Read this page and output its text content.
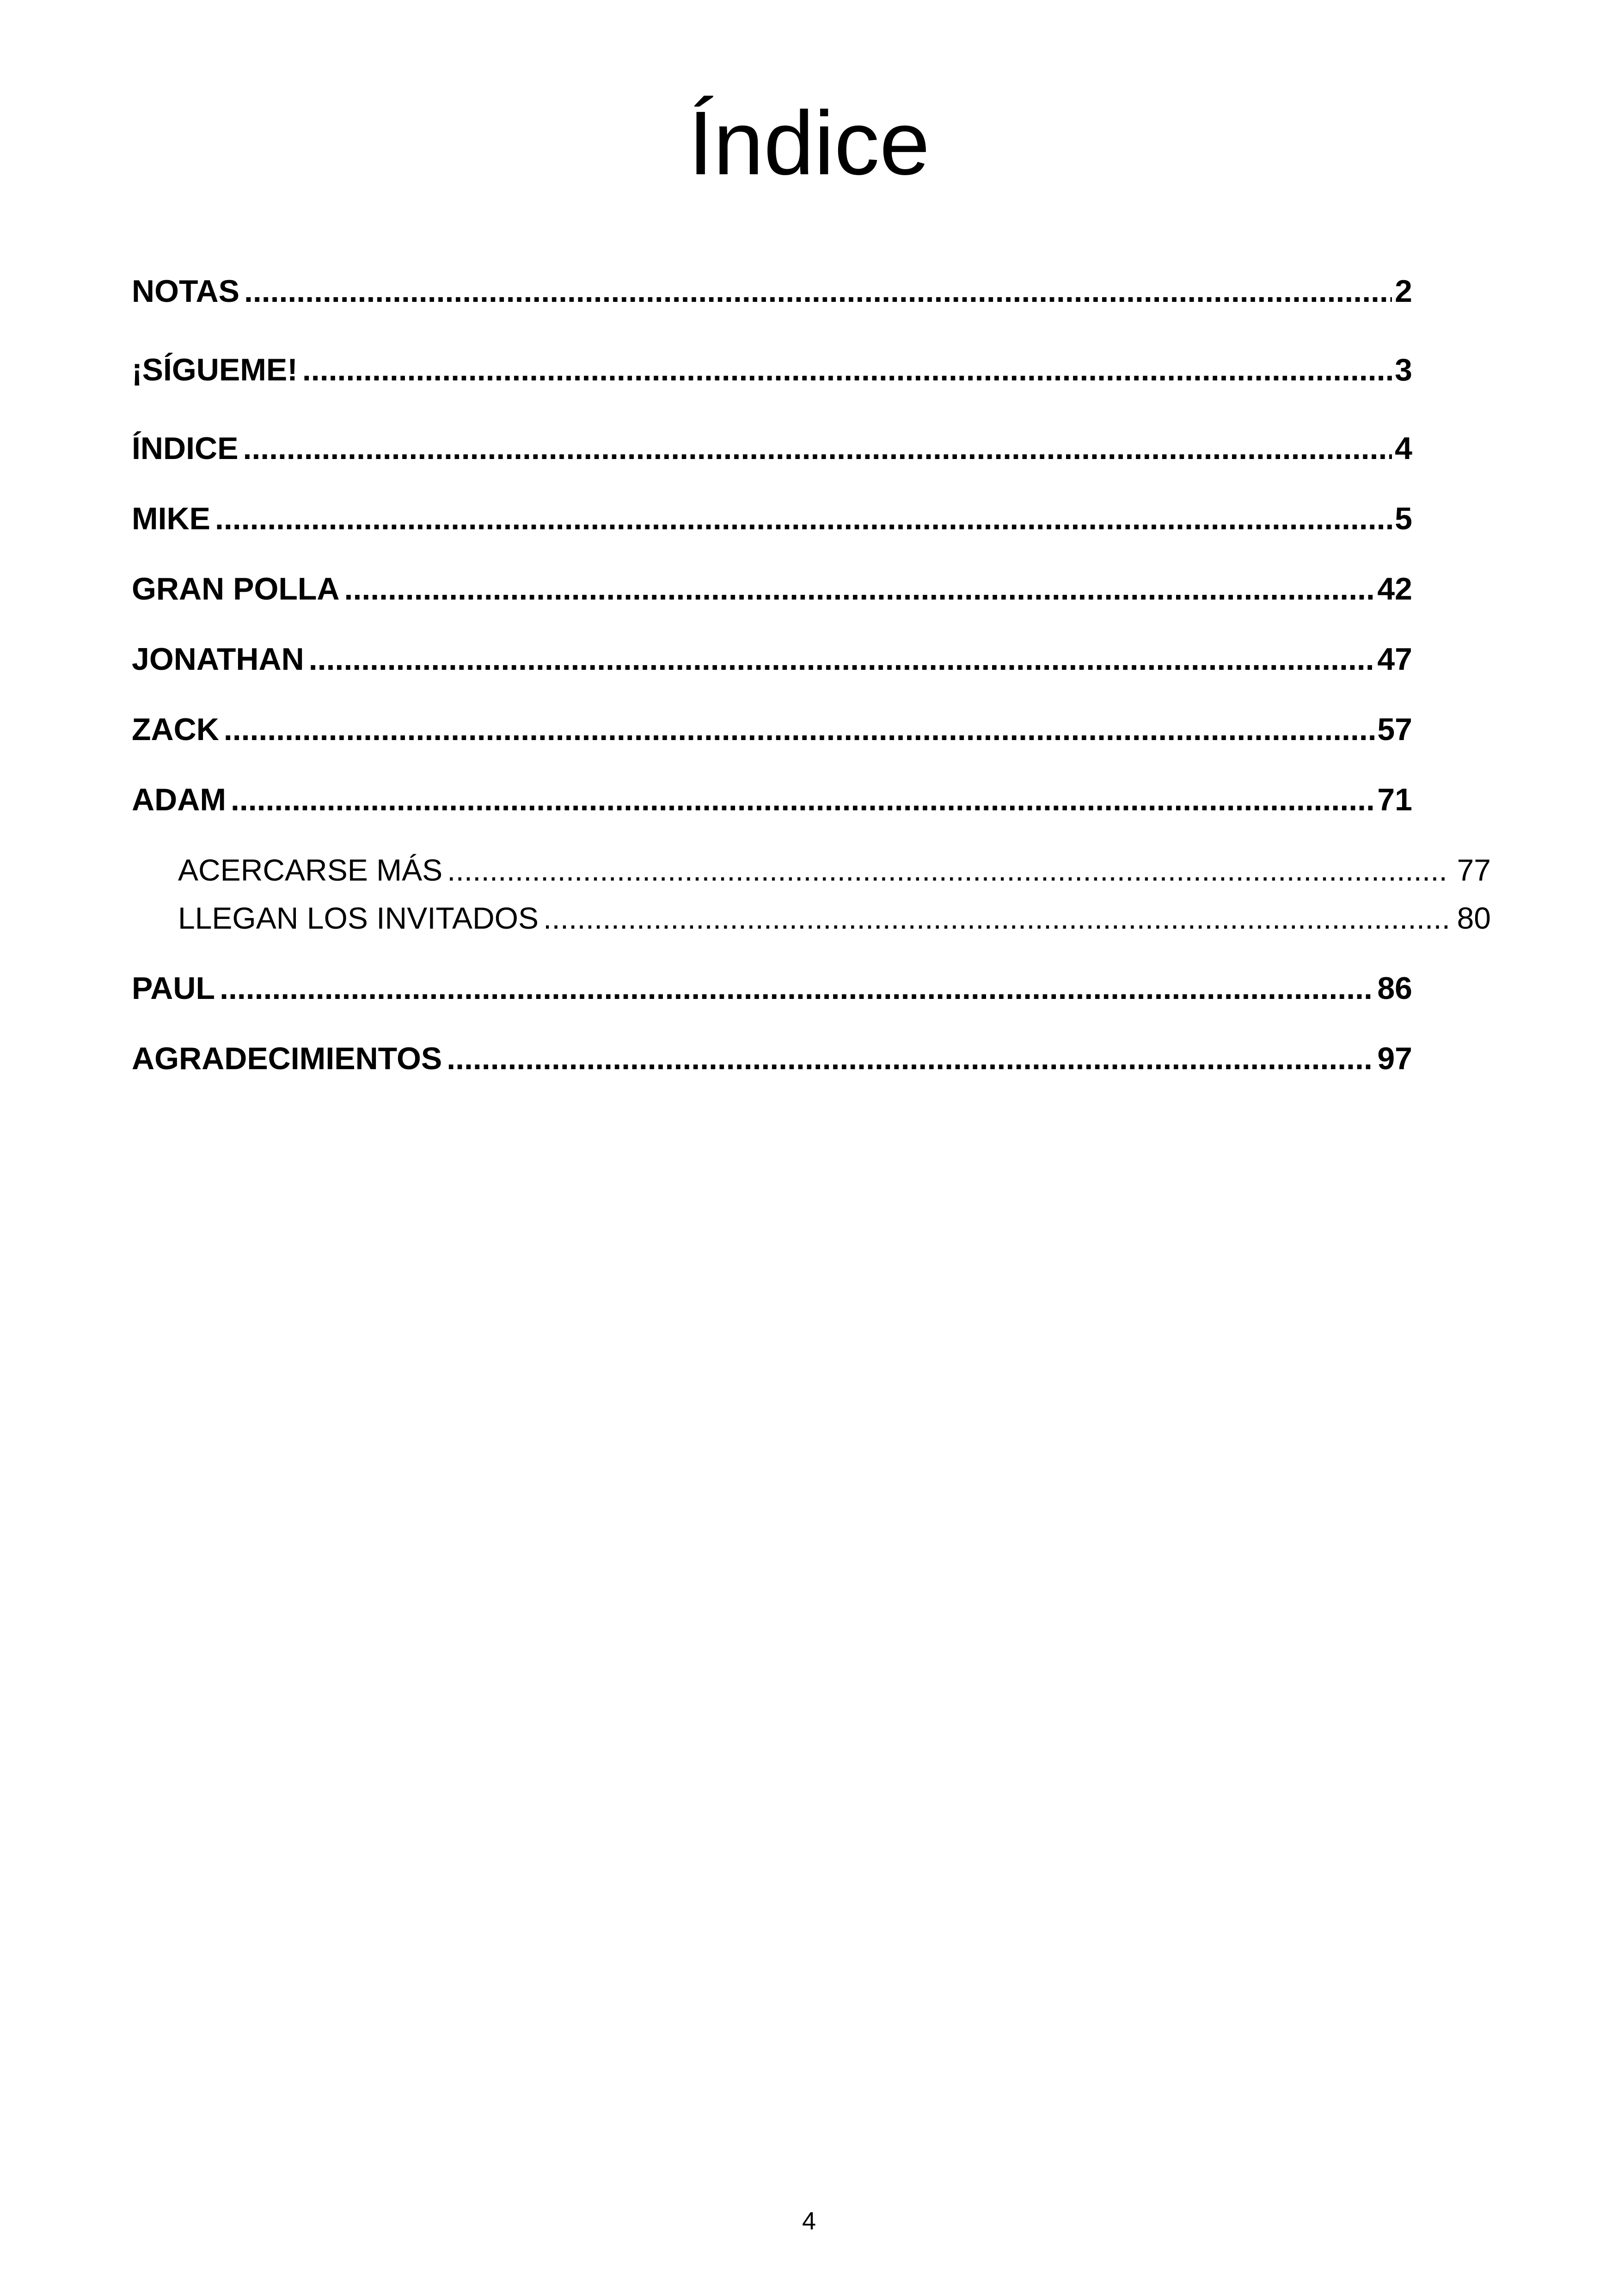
Índice
NOTAS .....	2
¡SÍGUEME! .....	3
ÍNDICE .....	4
MIKE .....	5
GRAN POLLA .....	42
JONATHAN .....	47
ZACK .....	57
ADAM .....	71
ACERCARSE MÁS .....	77
LLEGAN LOS INVITADOS .....	80
PAUL .....	86
AGRADECIMIENTOS .....	97
4
